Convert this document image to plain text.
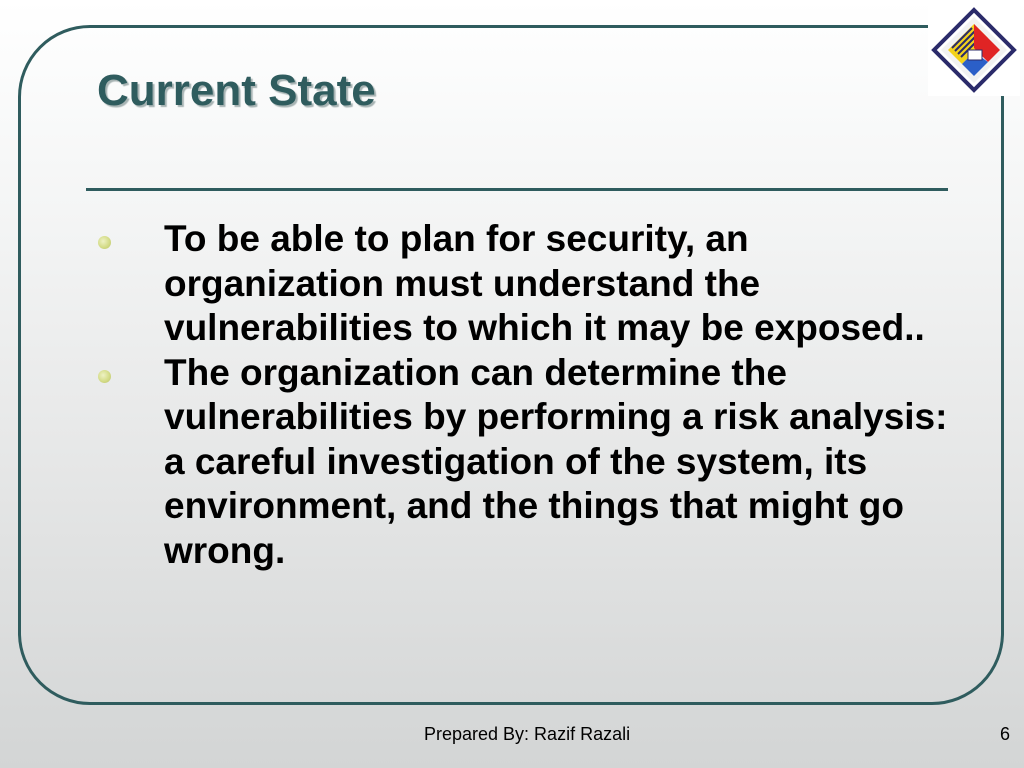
Current State
To be able to plan for security, an organization must understand the vulnerabilities to which it may be exposed..
The organization can determine the vulnerabilities by performing a risk analysis: a careful investigation of the system, its environment, and the things that might go wrong.
Prepared By: Razif Razali	6
